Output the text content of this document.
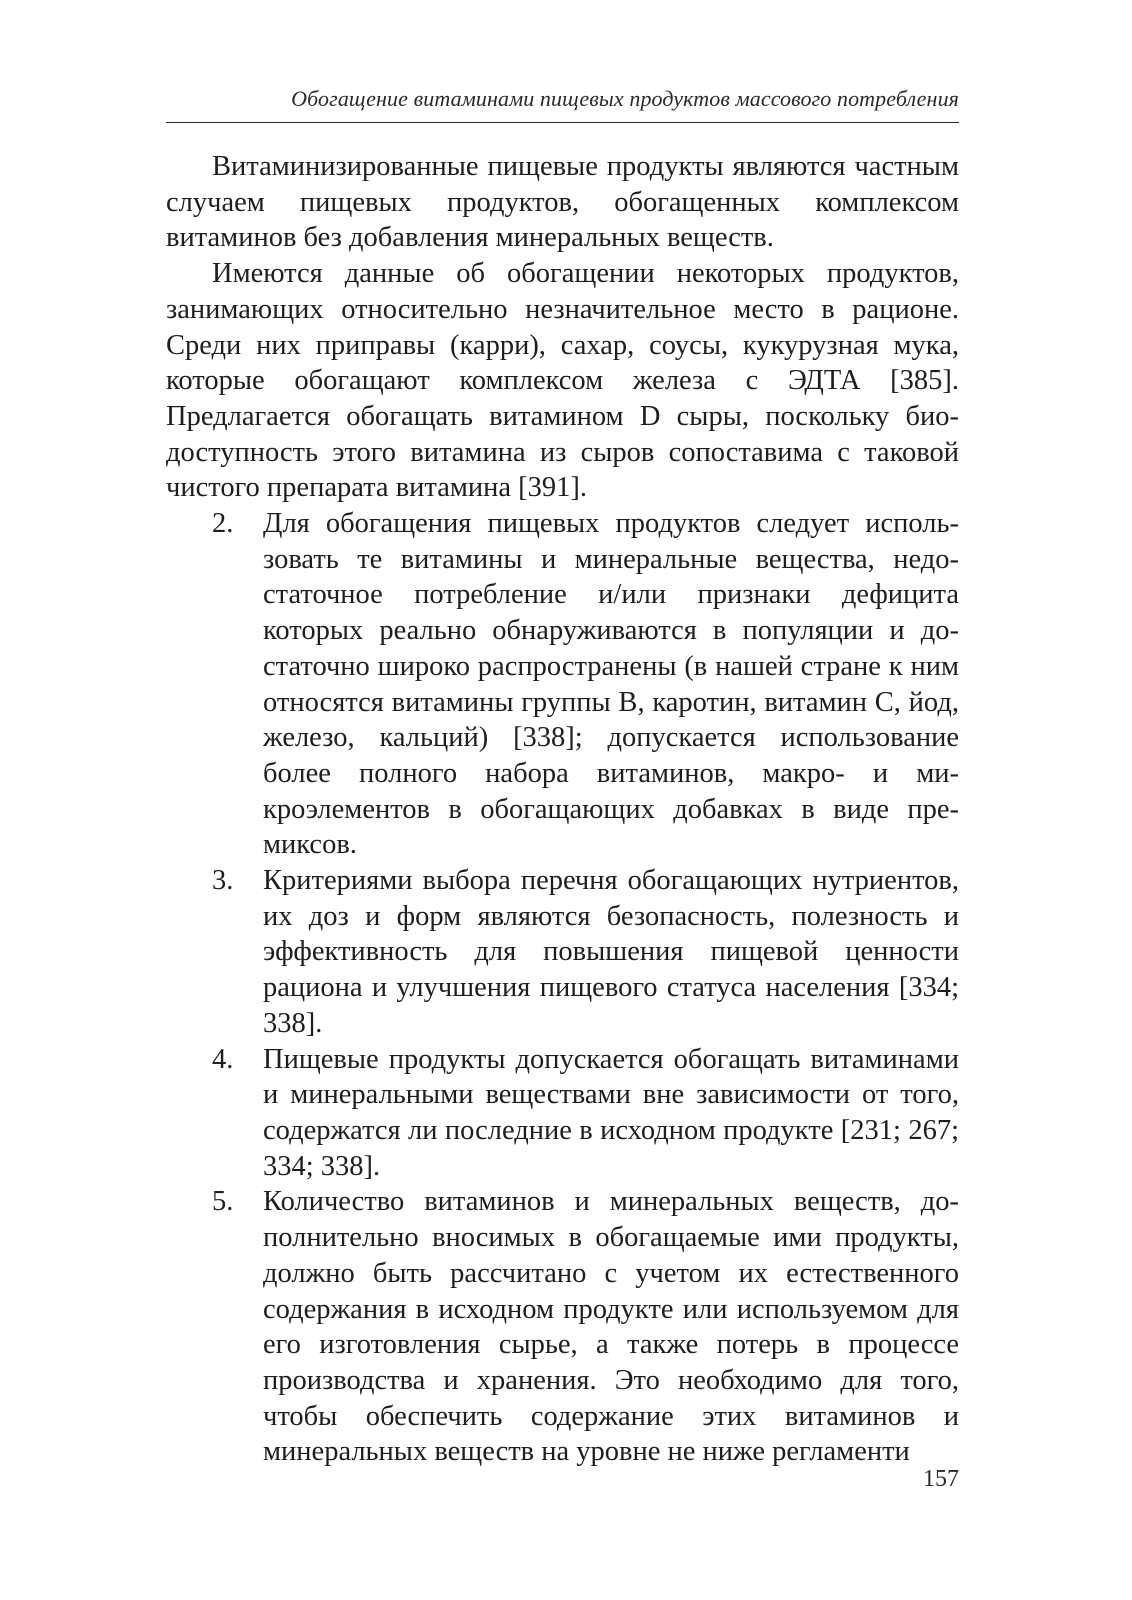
Обогащение витаминами пищевых продуктов массового потребления

Витаминизированные пищевые продукты являются частным случаем пищевых продуктов, обогащенных комплексом витаминов без добавления минеральных веществ.

Имеются данные об обогащении некоторых продуктов, занимающих относительно незначительное место в рационе. Среди них приправы (карри), сахар, соусы, кукурузная мука, которые обогащают комплексом железа с ЭДТА [385]. Предлагается обогащать витамином D сыры, поскольку биодоступность этого витамина из сыров сопоставима с таковой чистого препарата витамина [391].

2. Для обогащения пищевых продуктов следует использовать те витамины и минеральные вещества, недостаточное потребление и/или признаки дефицита которых реально обнаруживаются в популяции и достаточно широко распространены (в нашей стране к ним относятся витамины группы B, каротин, витамин C, йод, железо, кальций) [338]; допускается использование более полного набора витаминов, макро- и микроэлементов в обогащающих добавках в виде премиксов.
3. Критериями выбора перечня обогащающих нутриентов, их доз и форм являются безопасность, полезность и эффективность для повышения пищевой ценности рациона и улучшения пищевого статуса населения [334; 338].
4. Пищевые продукты допускается обогащать витаминами и минеральными веществами вне зависимости от того, содержатся ли последние в исходном продукте [231; 267; 334; 338].
5. Количество витаминов и минеральных веществ, дополнительно вносимых в обогащаемые ими продукты, должно быть рассчитано с учетом их естественного содержания в исходном продукте или используемом для его изготовления сырье, а также потерь в процессе производства и хранения. Это необходимо для того, чтобы обеспечить содержание этих витаминов и минеральных веществ на уровне не ниже регламенти
157
